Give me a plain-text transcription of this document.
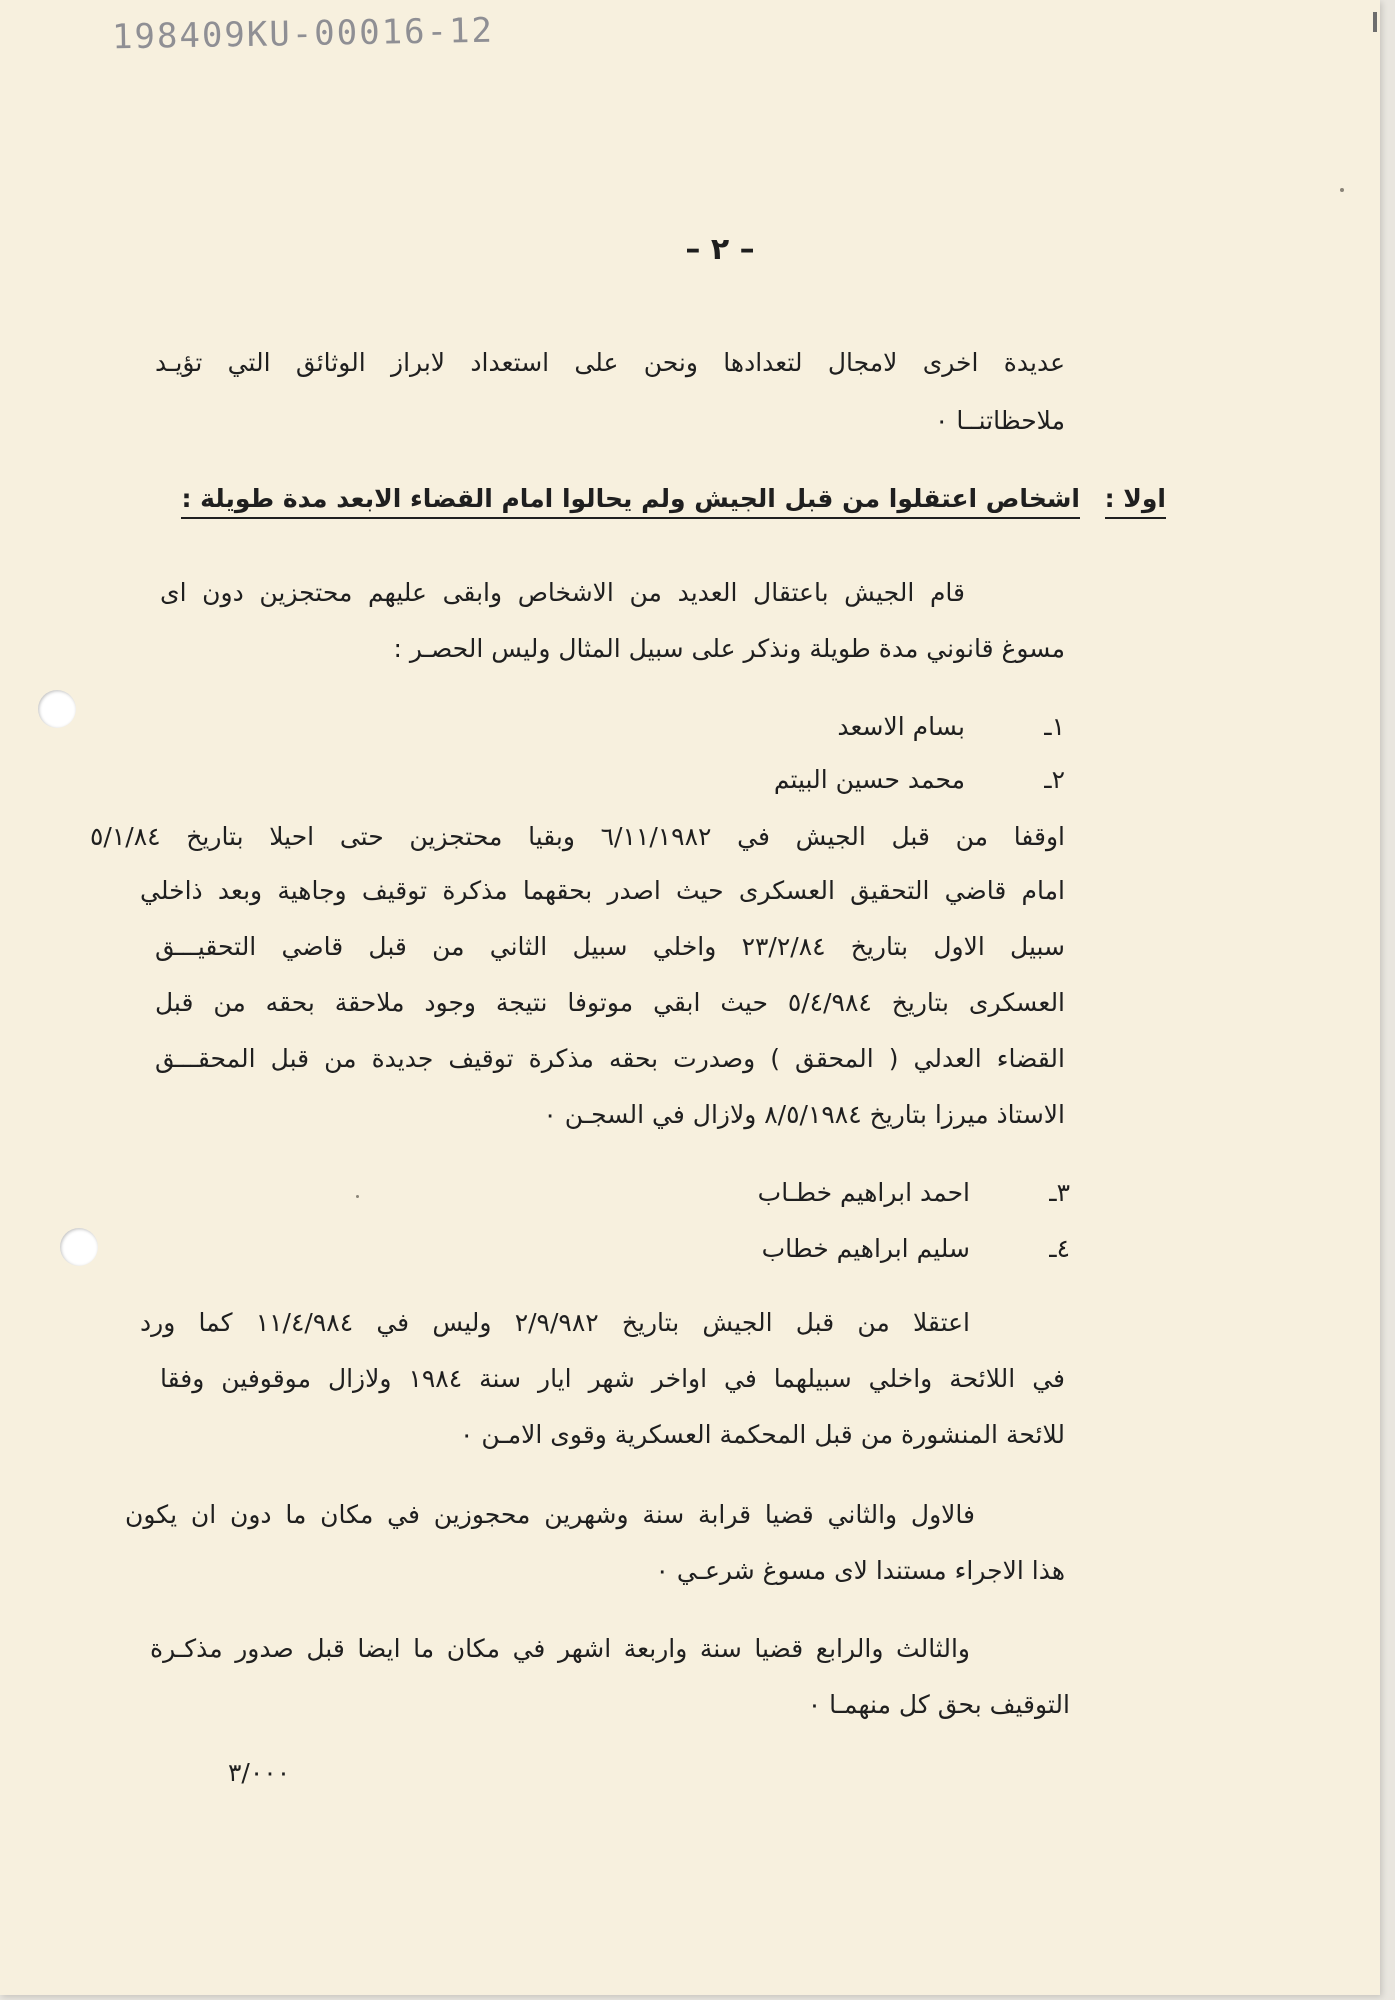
198409KU-00016-12
– ٢ –
عديدة اخرى لامجال لتعدادها ونحن على استعداد لابراز الوثائق التي تؤيـد
ملاحظاتنــا ٠
اولا :
اشخاص اعتقلوا من قبل الجيش ولم يحالوا امام القضاء الابعد مدة طويلة :
قام الجيش باعتقال العديد من الاشخاص وابقى عليهم محتجزين دون اى
مسوغ قانوني مدة طويلة ونذكر على سبيل المثال وليس الحصـر :
١ـ
بسام الاسعد
٢ـ
محمد حسين البيتم
اوقفا من قبل الجيش في ٦/١١/١٩٨٢ وبقيا محتجزين حتى احيلا بتاريخ ٥/١/٨٤
امام قاضي التحقيق العسكرى حيث اصدر بحقهما مذكرة توقيف وجاهية وبعد ذاخلي
سبيل الاول بتاريخ ٢٣/٢/٨٤ واخلي سبيل الثاني من قبل قاضي التحقيـــق
العسكرى بتاريخ ٥/٤/٩٨٤ حيث ابقي موتوفا نتيجة وجود ملاحقة بحقه من قبل
القضاء العدلي ( المحقق ) وصدرت بحقه مذكرة توقيف جديدة من قبل المحقـــق
الاستاذ ميرزا بتاريخ ٨/٥/١٩٨٤ ولازال في السجـن ٠
٣ـ
احمد ابراهيم خطـاب
٤ـ
سليم ابراهيم خطاب
اعتقلا من قبل الجيش بتاريخ ٢/٩/٩٨٢ وليس في ١١/٤/٩٨٤ كما ورد
في اللائحة واخلي سبيلهما في اواخر شهر ايار سنة ١٩٨٤ ولازال موقوفين وفقا
للائحة المنشورة من قبل المحكمة العسكرية وقوى الامـن ٠
فالاول والثاني قضيا قرابة سنة وشهرين محجوزين في مكان ما دون ان يكون
هذا الاجراء مستندا لاى مسوغ شرعـي ٠
والثالث والرابع قضيا سنة واربعة اشهر في مكان ما ايضا قبل صدور مذكـرة
التوقيف بحق كل منهمـا ٠
٣/٠٠٠
